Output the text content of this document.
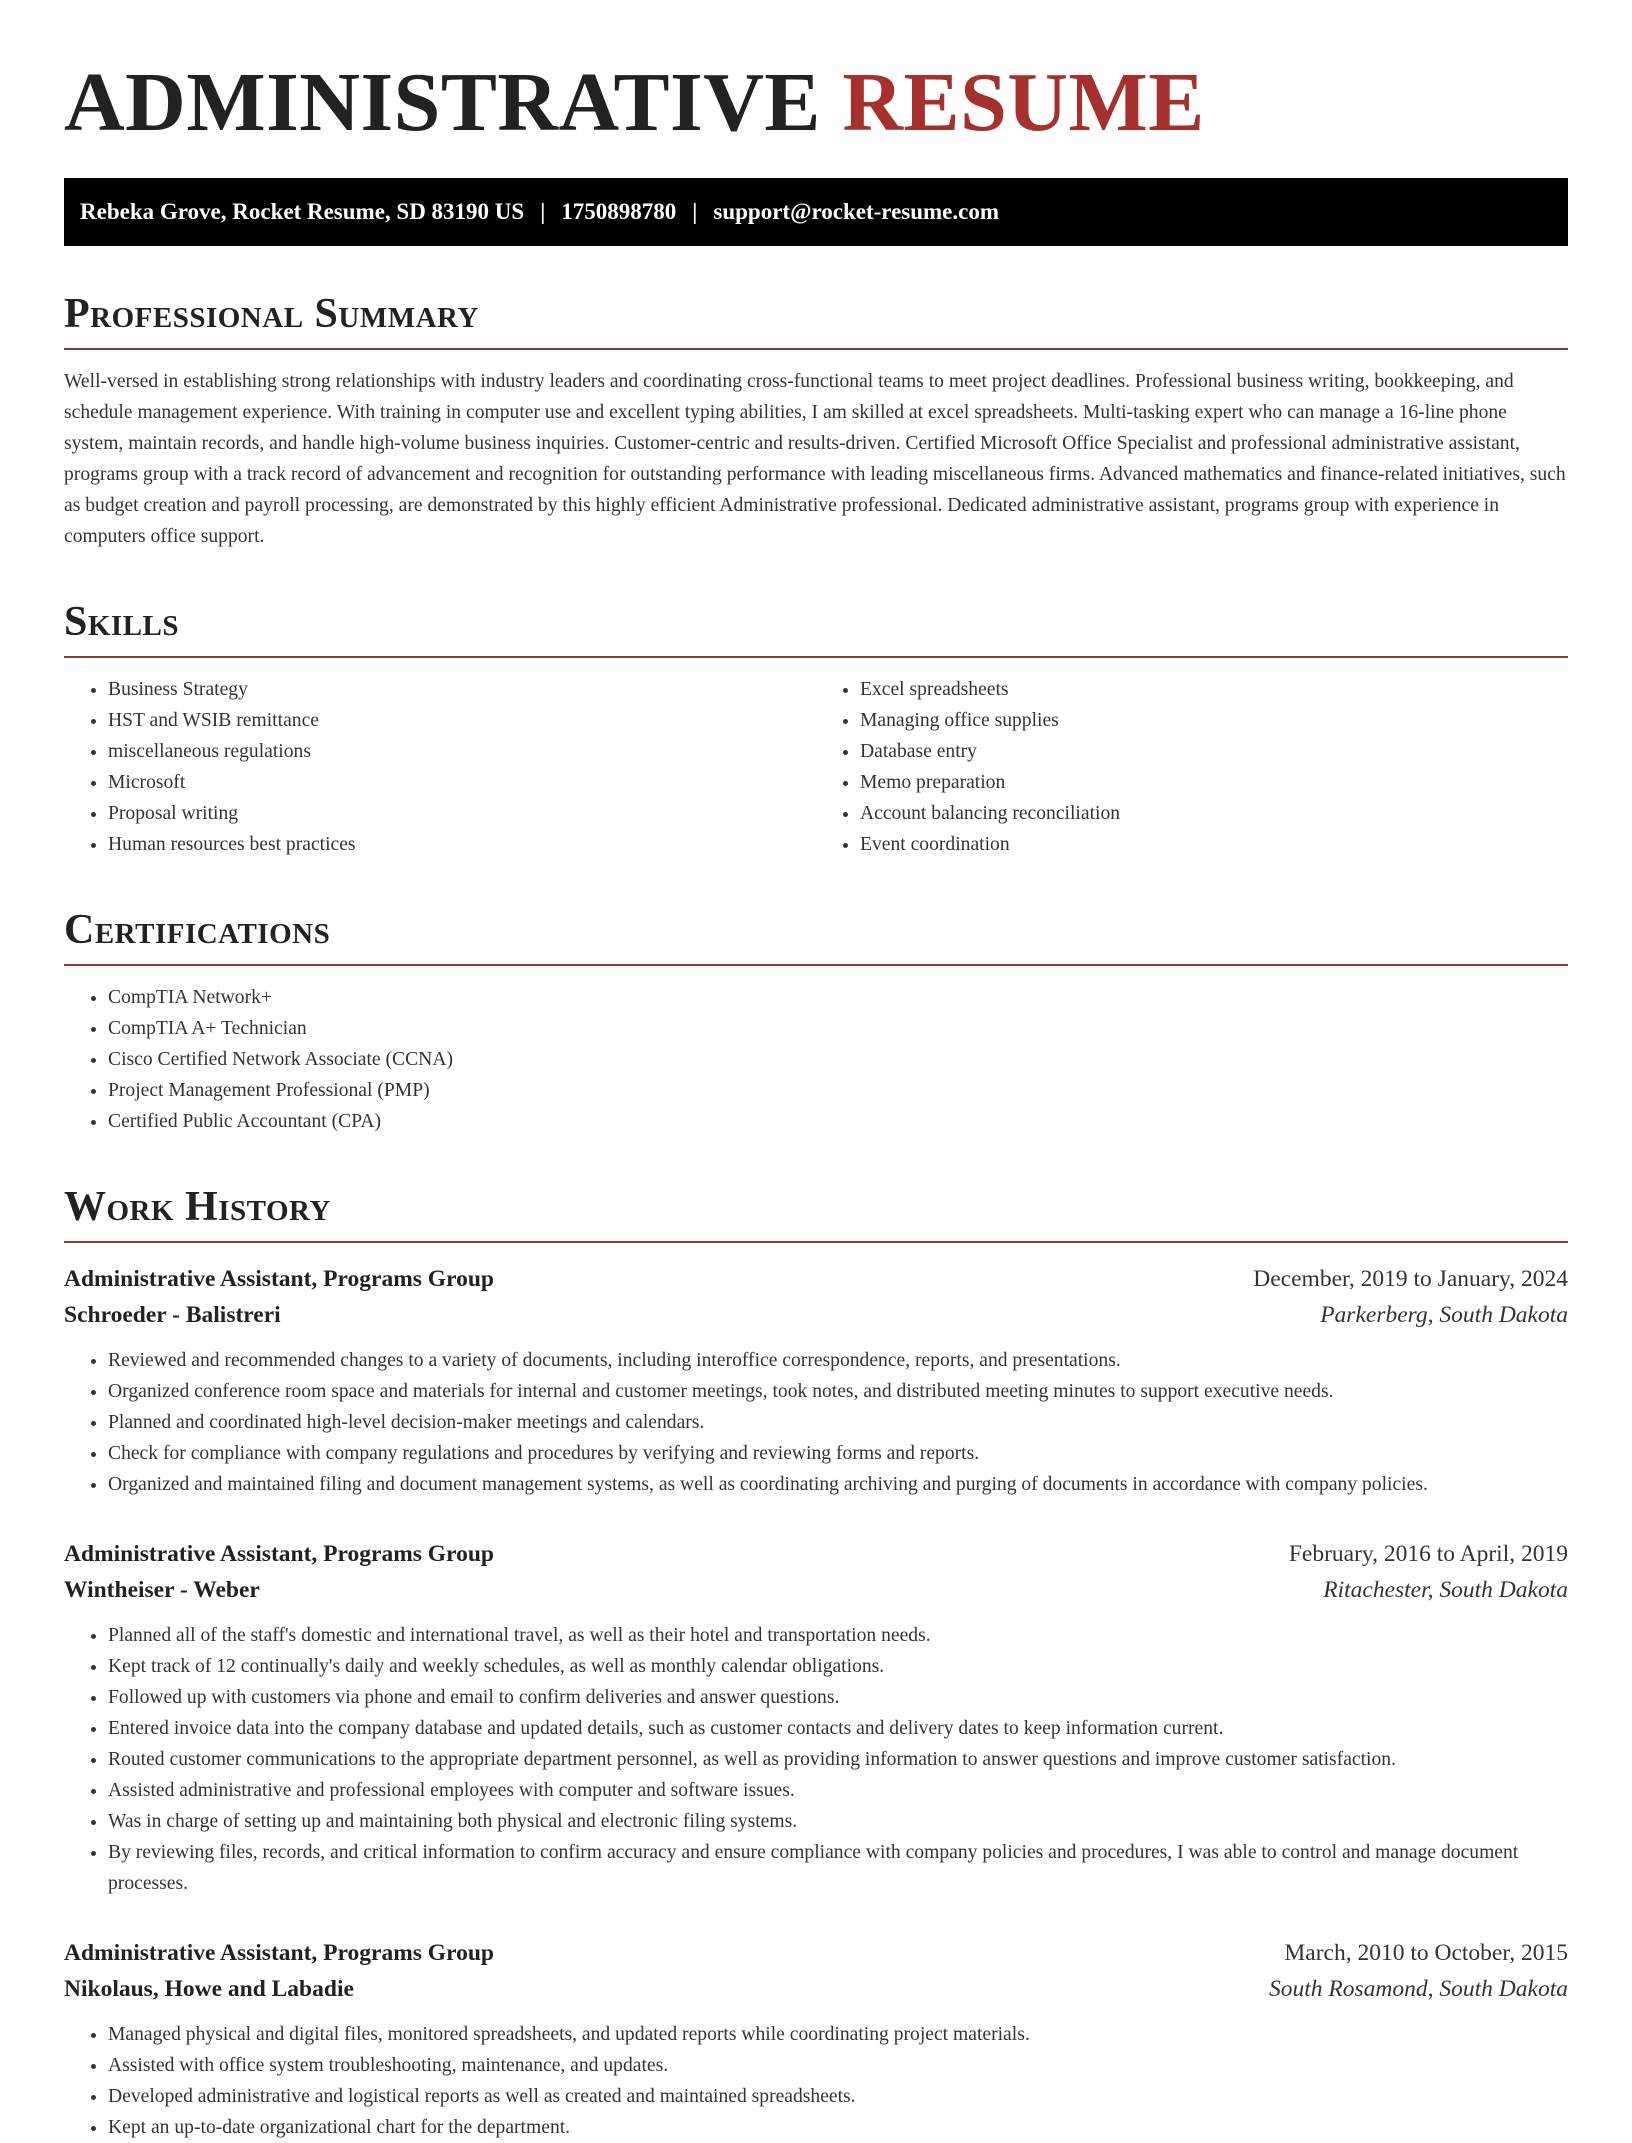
ADMINISTRATIVE RESUME
Rebeka Grove, Rocket Resume, SD 83190 US | 1750898780 | support@rocket-resume.com
Professional Summary

Well-versed in establishing strong relationships with industry leaders and coordinating cross-functional teams to meet project deadlines. Professional business writing, bookkeeping, and schedule management experience. With training in computer use and excellent typing abilities, I am skilled at excel spreadsheets. Multi-tasking expert who can manage a 16-line phone system, maintain records, and handle high-volume business inquiries. Customer-centric and results-driven. Certified Microsoft Office Specialist and professional administrative assistant, programs group with a track record of advancement and recognition for outstanding performance with leading miscellaneous firms. Advanced mathematics and finance-related initiatives, such as budget creation and payroll processing, are demonstrated by this highly efficient Administrative professional. Dedicated administrative assistant, programs group with experience in computers office support.

Skills
• Business Strategy
• HST and WSIB remittance
• miscellaneous regulations
• Microsoft
• Proposal writing
• Human resources best practices
• Excel spreadsheets
• Managing office supplies
• Database entry
• Memo preparation
• Account balancing reconciliation
• Event coordination
Certifications
• CompTIA Network+
• CompTIA A+ Technician
• Cisco Certified Network Associate (CCNA)
• Project Management Professional (PMP)
• Certified Public Accountant (CPA)
Work History
Administrative Assistant, Programs Group	December, 2019 to January, 2024
Schroeder - Balistreri	Parkerberg, South Dakota
• Reviewed and recommended changes to a variety of documents, including interoffice correspondence, reports, and presentations.
• Organized conference room space and materials for internal and customer meetings, took notes, and distributed meeting minutes to support executive needs.
• Planned and coordinated high-level decision-maker meetings and calendars.
• Check for compliance with company regulations and procedures by verifying and reviewing forms and reports.
• Organized and maintained filing and document management systems, as well as coordinating archiving and purging of documents in accordance with company policies.
Administrative Assistant, Programs Group	February, 2016 to April, 2019
Wintheiser - Weber	Ritachester, South Dakota
• Planned all of the staff's domestic and international travel, as well as their hotel and transportation needs.
• Kept track of 12 continually's daily and weekly schedules, as well as monthly calendar obligations.
• Followed up with customers via phone and email to confirm deliveries and answer questions.
• Entered invoice data into the company database and updated details, such as customer contacts and delivery dates to keep information current.
• Routed customer communications to the appropriate department personnel, as well as providing information to answer questions and improve customer satisfaction.
• Assisted administrative and professional employees with computer and software issues.
• Was in charge of setting up and maintaining both physical and electronic filing systems.
• By reviewing files, records, and critical information to confirm accuracy and ensure compliance with company policies and procedures, I was able to control and manage document processes.
Administrative Assistant, Programs Group	March, 2010 to October, 2015
Nikolaus, Howe and Labadie	South Rosamond, South Dakota
• Managed physical and digital files, monitored spreadsheets, and updated reports while coordinating project materials.
• Assisted with office system troubleshooting, maintenance, and updates.
• Developed administrative and logistical reports as well as created and maintained spreadsheets.
• Kept an up-to-date organizational chart for the department.
